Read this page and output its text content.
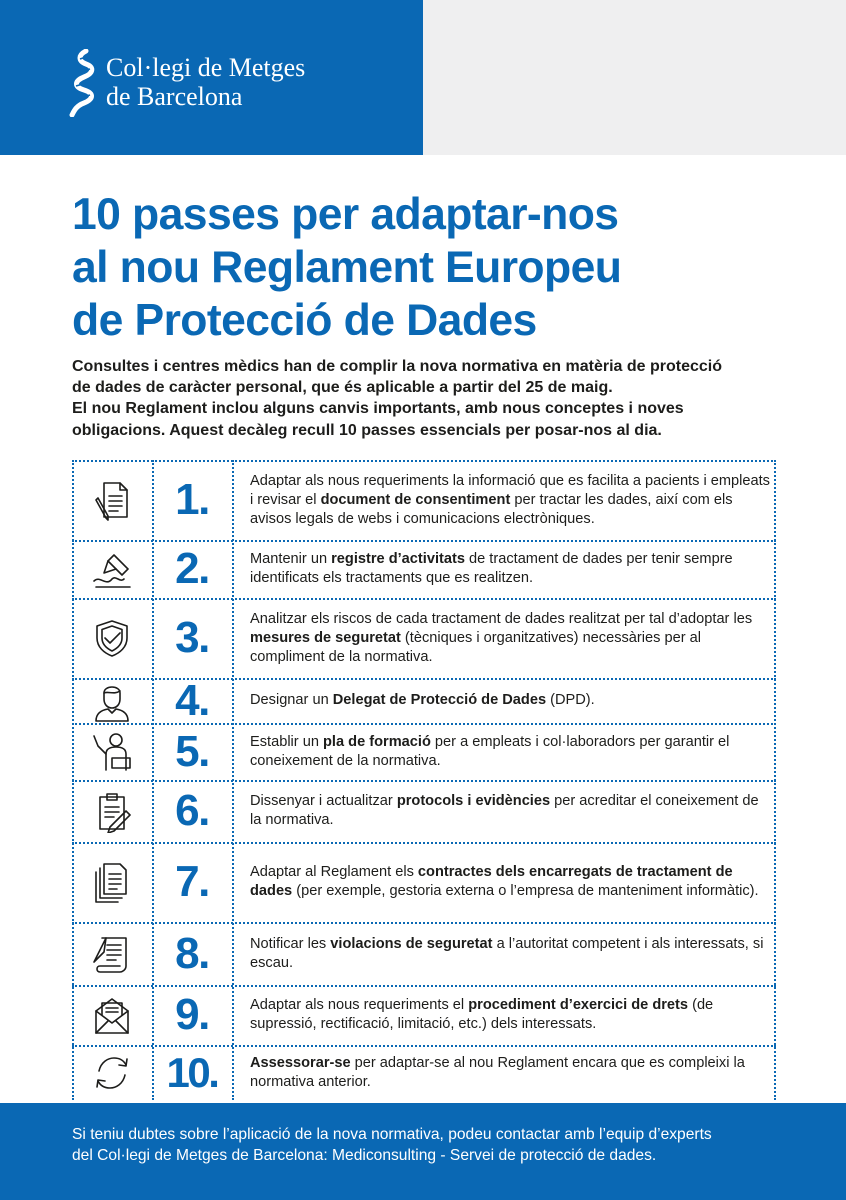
Col·legi de Metges
de Barcelona
10 passes per adaptar-nos
al nou Reglament Europeu
de Protecció de Dades

Consultes i centres mèdics han de complir la nova normativa en matèria de protecció

de dades de caràcter personal, que és aplicable a partir del 25 de maig.

El nou Reglament inclou alguns canvis importants, amb nous conceptes i noves

obligacions. Aquest decàleg recull 10 passes essencials per posar-nos al dia.

1.	Adaptar als nous requeriments la informació que es facilita a pacients i empleats i revisar el document de consentiment per tractar les dades, així com els avisos legals de webs i comunicacions electròniques.
2.	Mantenir un registre d’activitats de tractament de dades per tenir sempre identificats els tractaments que es realitzen.
3.	Analitzar els riscos de cada tractament de dades realitzat per tal d’adoptar les mesures de seguretat (tècniques i organitzatives) necessàries per al compliment de la normativa.
4.	Designar un Delegat de Protecció de Dades (DPD).
5.	Establir un pla de formació per a empleats i col·laboradors per garantir el coneixement de la normativa.
6.	Dissenyar i actualitzar protocols i evidències per acreditar el coneixement de la normativa.
7.	Adaptar al Reglament els contractes dels encarregats de tractament de dades (per exemple, gestoria externa o l’empresa de manteniment informàtic).
8.	Notificar les violacions de seguretat a l’autoritat competent i als interessats, si escau.
9.	Adaptar als nous requeriments el procediment d’exercici de drets (de supressió, rectificació, limitació, etc.) dels interessats.
10.	Assessorar-se per adaptar-se al nou Reglament encara que es compleixi la normativa anterior.
Si teniu dubtes sobre l’aplicació de la nova normativa, podeu contactar amb l’equip d’experts
del Col·legi de Metges de Barcelona: Mediconsulting - Servei de protecció de dades.
